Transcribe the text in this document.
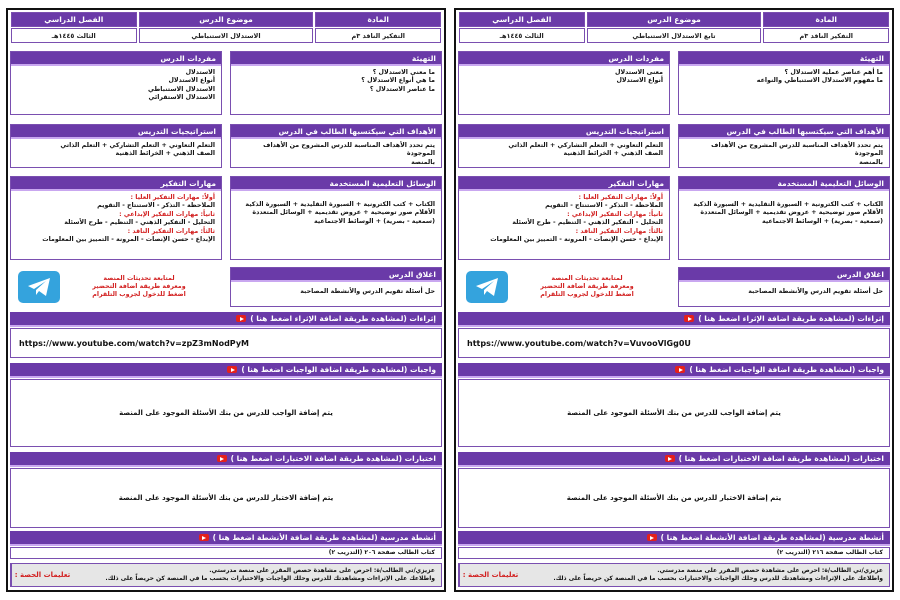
المادة
موضوع الدرس
الفصل الدراسي
التفكير الناقد ٣م
تابع الاستدلال الاستنباطي
الثالث ١٤٤٥هـ
التهيئة
ما أهم عناصر عملية الاستدلال ؟
ما مفهوم الاستدلال الاستنباطي والنواعه
مفردات الدرس
معنى الاستدلال
أنواع الاستدلال
الأهداف التي سيكتسبها الطالب في الدرس
يتم تحدد الأهداف المناسبة للدرس المشروح من الأهداف الموجودة
بالمنصة
استراتيجيات التدريس
التعلم التعاوني + التعلم التشاركي + التعلم الذاتي
الصف الذهني + الخرائط الذهنية
الوسائل التعليمية المستخدمة
الكتاب + كتب الكترونية + السبورة التقليدية + السبورة الذكية
الأقلام صور توضيحية + عروض تقديمية + الوسائل المتعددة
(سمعية - بصرية) + الوسائط الاجتماعية
مهارات التفكير
أولاً: مهارات التفكير العليا :
الملاحظة - التذكر - الاستنتاج - التقويم
ثانياً: مهارات التفكير الإبداعي :
التحليل - التفكير الذهني - التنظيم - طرح الأسئلة
ثالثاً: مهارات التفكير الناقد :
الإبداع - حسن الإنصات - المرونة - التمييز بين المعلومات
اغلاق الدرس
حل أسئلة تقويم الدرس والأنشطة المصاحبة
لمتابعة تحديثات المنصة
ومعرفة طريقة اضافة التحضير
اضغط للدخول لجروب التلقرام
إثراءات (لمشاهدة طريقة اضافة الإثراء اضغط هنا )
https://www.youtube.com/watch?v=VuvooVlGg0U
واجبات (لمشاهدة طريقة اضافة الواجبات اضغط هنا )
يتم إضافة الواجب للدرس من بنك الأسئلة الموجود على المنصة
اختبارات (لمشاهدة طريقة اضافة الاختبارات اضغط هنا )
يتم إضافة الاختبار للدرس من بنك الأسئلة الموجود على المنصة
أنشطة مدرسية (لمشاهدة طريقة اضافة الأنشطة اضغط هنا )
كتاب الطالب صفحة ٢١٦ (التدريب ٢)
عزيزي/تي الطالب/ة: احرص على مشاهدة حصص المقرر على منصة مدرستي.
واطلاعك على الإثراءات ومشاهدتك للدرس وحلك الواجبات والاختبارات بحسب ما في المنصة كن حريصاً على ذلك.
تعليمات الحصة :
المادة
موضوع الدرس
الفصل الدراسي
التفكير الناقد ٣م
الاستدلال الاستنباطي
الثالث ١٤٤٥هـ
التهيئة
ما معنى الاستدلال ؟
ما هي أنواع الاستدلال ؟
ما عناصر الاستدلال ؟
مفردات الدرس
الاستدلال
أنواع الاستدلال
الاستدلال الاستنباطي
الاستدلال الاستقرائي
الأهداف التي سيكتسبها الطالب في الدرس
يتم تحدد الأهداف المناسبة للدرس المشروح من الأهداف الموجودة
بالمنصة
استراتيجيات التدريس
التعلم التعاوني + التعلم التشاركي + التعلم الذاتي
الصف الذهني + الخرائط الذهنية
الوسائل التعليمية المستخدمة
الكتاب + كتب الكترونية + السبورة التقليدية + السبورة الذكية
الأقلام صور توضيحية + عروض تقديمية + الوسائل المتعددة
(سمعية - بصرية) + الوسائط الاجتماعية
مهارات التفكير
أولاً: مهارات التفكير العليا :
الملاحظة - التذكر - الاستنتاج - التقويم
ثانياً: مهارات التفكير الإبداعي :
التحليل - التفكير الذهني - التنظيم - طرح الأسئلة
ثالثاً: مهارات التفكير الناقد :
الإبداع - حسن الإنصات - المرونة - التمييز بين المعلومات
اغلاق الدرس
حل أسئلة تقويم الدرس والأنشطة المصاحبة
لمتابعة تحديثات المنصة
ومعرفة طريقة اضافة التحضير
اضغط للدخول لجروب التلقرام
إثراءات (لمشاهدة طريقة اضافة الإثراء اضغط هنا )
https://www.youtube.com/watch?v=zpZ3mNodPyM
واجبات (لمشاهدة طريقة اضافة الواجبات اضغط هنا )
يتم إضافة الواجب للدرس من بنك الأسئلة الموجود على المنصة
اختبارات (لمشاهدة طريقة اضافة الاختبارات اضغط هنا )
يتم إضافة الاختبار للدرس من بنك الأسئلة الموجود على المنصة
أنشطة مدرسية (لمشاهدة طريقة اضافة الأنشطة اضغط هنا )
كتاب الطالب صفحة ٢٠٦ (التدريب ٢)
عزيزي/تي الطالب/ة: احرص على مشاهدة حصص المقرر على منصة مدرستي.
واطلاعك على الإثراءات ومشاهدتك للدرس وحلك الواجبات والاختبارات بحسب ما في المنصة كن حريصاً على ذلك.
تعليمات الحصة :
